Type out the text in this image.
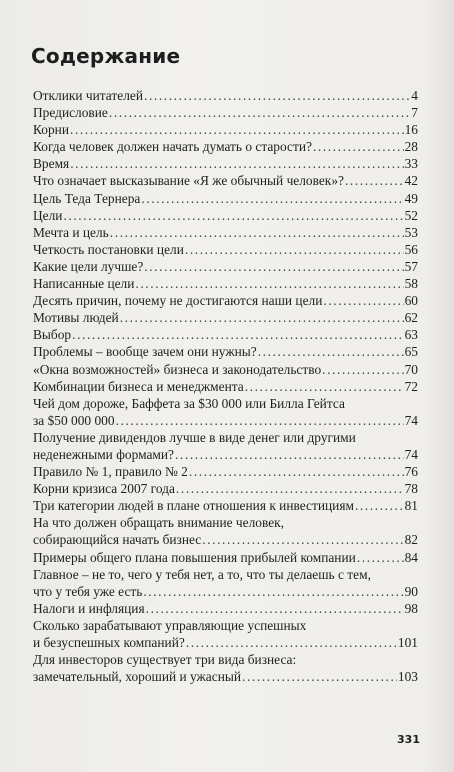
Содержание
Отклики читателей .....	4
Предисловие .....	7
Корни .....	16
Когда человек должен начать думать о старости? .....	28
Время .....	33
Что означает высказывание «Я же обычный человек»? .....	42
Цель Теда Тернера .....	49
Цели .....	52
Мечта и цель .....	53
Четкость постановки цели .....	56
Какие цели лучше? .....	57
Написанные цели .....	58
Десять причин, почему не достигаются наши цели .....	60
Мотивы людей .....	62
Выбор .....	63
Проблемы – вообще зачем они нужны? .....	65
«Окна возможностей» бизнеса и законодательство .....	70
Комбинации бизнеса и менеджмента .....	72
Чей дом дороже, Баффета за $30 000 или Билла Гейтса
за $50 000 000 .....	74
Получение дивидендов лучше в виде денег или другими
неденежными формами? .....	74
Правило № 1, правило № 2 .....	76
Корни кризиса 2007 года .....	78
Три категории людей в плане отношения к инвестициям .....	81
На что должен обращать внимание человек,
собирающийся начать бизнес .....	82
Примеры общего плана повышения прибылей компании .....	84
Главное – не то, чего у тебя нет, а то, что ты делаешь с тем,
что у тебя уже есть .....	90
Налоги и инфляция .....	98
Сколько зарабатывают управляющие успешных
и безуспешных компаний? .....	101
Для инвесторов существует три вида бизнеса:
замечательный, хороший и ужасный .....	103
331
